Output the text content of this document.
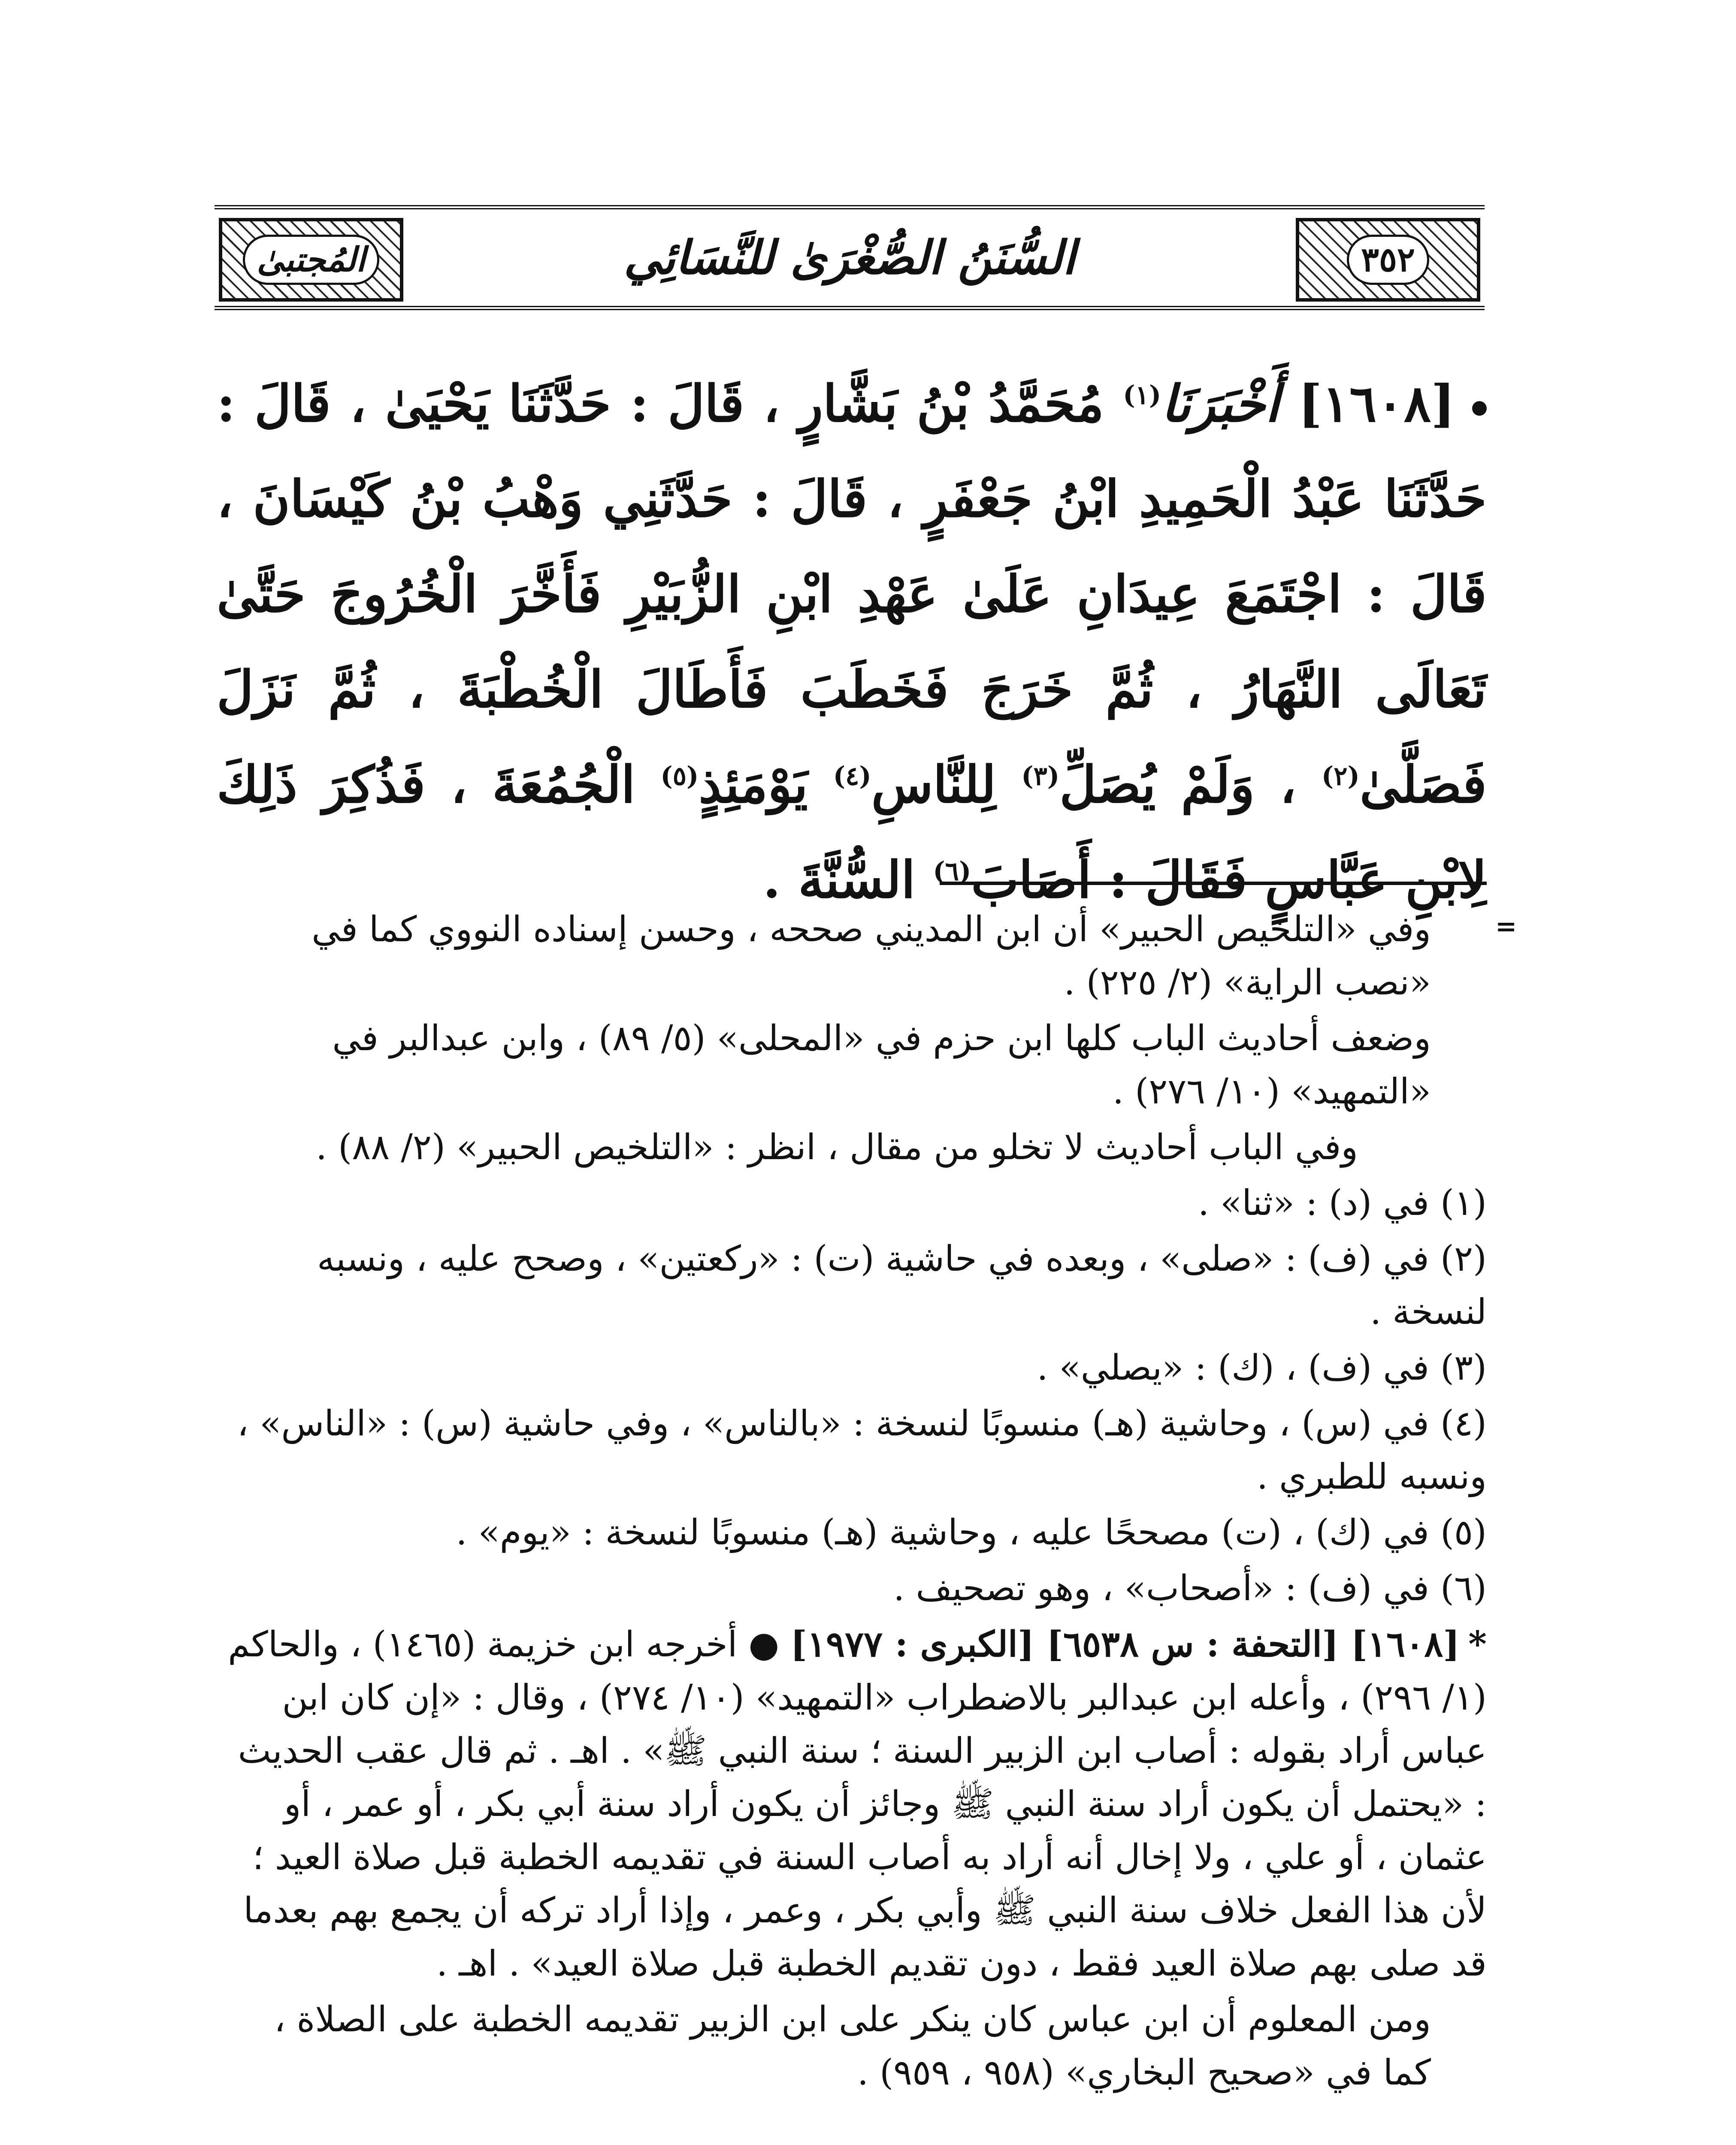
٣٥٢
السُّنَنُ الصُّغْرَىٰ للنَّسَائِي
المُجتبىٰ
[١٦٠٨] أَخْبَرَنَا$^{(١)}$ مُحَمَّدُ بْنُ بَشَّارٍ ، قَالَ : حَدَّثَنَا يَحْيَىٰ ، قَالَ : حَدَّثَنَا عَبْدُ الْحَمِيدِ ابْنُ جَعْفَرٍ ، قَالَ : حَدَّثَنِي وَهْبُ بْنُ كَيْسَانَ ، قَالَ : اجْتَمَعَ عِيدَانِ عَلَىٰ عَهْدِ ابْنِ الزُّبَيْرِ فَأَخَّرَ الْخُرُوجَ حَتَّىٰ تَعَالَى النَّهَارُ ، ثُمَّ خَرَجَ فَخَطَبَ فَأَطَالَ الْخُطْبَةَ ، ثُمَّ نَزَلَ فَصَلَّىٰ$^{(٢)}$ ، وَلَمْ يُصَلِّ$^{(٣)}$ لِلنَّاسِ$^{(٤)}$ يَوْمَئِذٍ$^{(٥)}$ الْجُمُعَةَ ، فَذُكِرَ ذَلِكَ لِابْنِ عَبَّاسٍ فَقَالَ : أَصَابَ$^{(٦)}$ السُّنَّةَ .
=

وفي «التلخيص الحبير» أن ابن المديني صححه ، وحسن إسناده النووي كما في «نصب الراية» (٢/ ٢٢٥) .

وضعف أحاديث الباب كلها ابن حزم في «المحلى» (٥/ ٨٩) ، وابن عبدالبر في «التمهيد» (١٠/ ٢٧٦) .

وفي الباب أحاديث لا تخلو من مقال ، انظر : «التلخيص الحبير» (٢/ ٨٨) .

(١) في (د) : «ثنا» .

(٢) في (ف) : «صلى» ، وبعده في حاشية (ت) : «ركعتين» ، وصحح عليه ، ونسبه لنسخة .

(٣) في (ف) ، (ك) : «يصلي» .

(٤) في (س) ، وحاشية (هـ) منسوبًا لنسخة : «بالناس» ، وفي حاشية (س) : «الناس» ، ونسبه للطبري .

(٥) في (ك) ، (ت) مصححًا عليه ، وحاشية (هـ) منسوبًا لنسخة : «يوم» .

(٦) في (ف) : «أصحاب» ، وهو تصحيف .

*[١٦٠٨] [التحفة : س ٦٥٣٨] [الكبرى : ١٩٧٧] ● أخرجه ابن خزيمة (١٤٦٥) ، والحاكم (١/ ٢٩٦) ، وأعله ابن عبدالبر بالاضطراب «التمهيد» (١٠/ ٢٧٤) ، وقال : «إن كان ابن عباس أراد بقوله : أصاب ابن الزبير السنة ؛ سنة النبي ﷺ» . اهـ . ثم قال عقب الحديث : «يحتمل أن يكون أراد سنة النبي ﷺ وجائز أن يكون أراد سنة أبي بكر ، أو عمر ، أو عثمان ، أو علي ، ولا إخال أنه أراد به أصاب السنة في تقديمه الخطبة قبل صلاة العيد ؛ لأن هذا الفعل خلاف سنة النبي ﷺ وأبي بكر ، وعمر ، وإذا أراد تركه أن يجمع بهم بعدما قد صلى بهم صلاة العيد فقط ، دون تقديم الخطبة قبل صلاة العيد» . اهـ .

ومن المعلوم أن ابن عباس كان ينكر على ابن الزبير تقديمه الخطبة على الصلاة ، كما في «صحيح البخاري» (٩٥٨ ، ٩٥٩) .
